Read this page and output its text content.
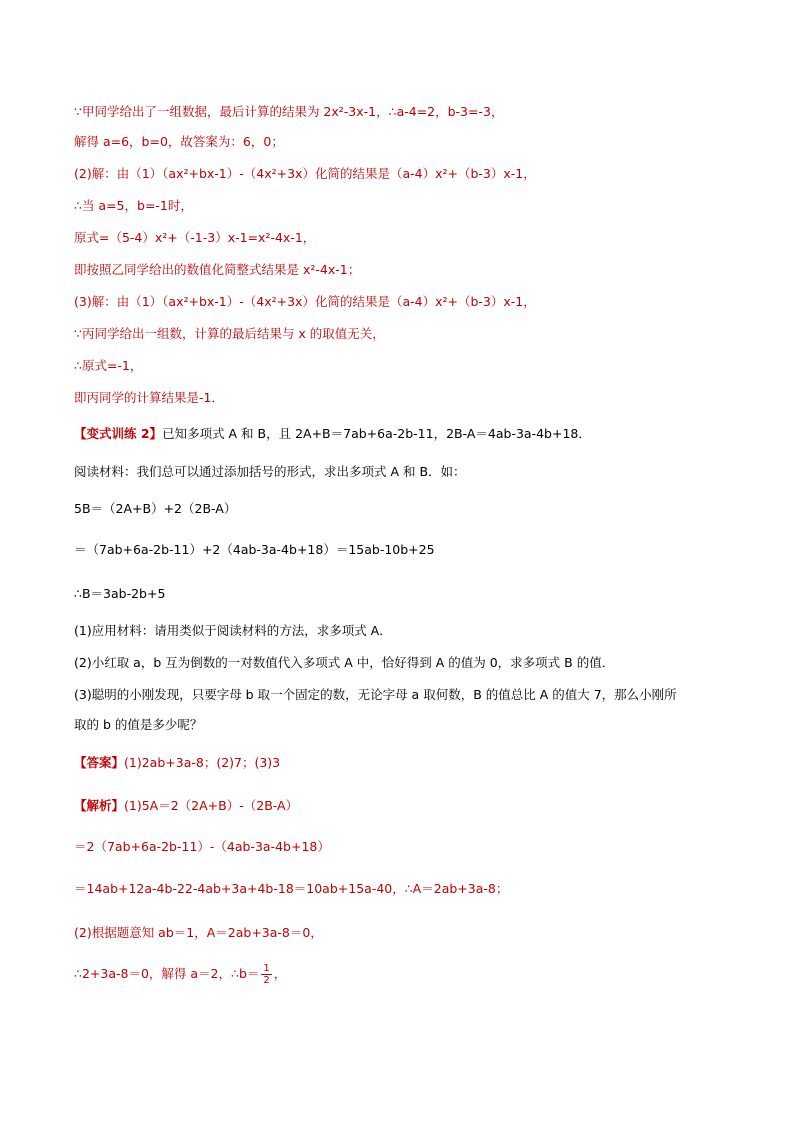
∵甲同学给出了一组数据，最后计算的结果为 2x²-3x-1，∴a-4=2，b-3=-3，
解得 a=6，b=0，故答案为：6，0；
(2)解：由（1）（ax²+bx-1）-（4x²+3x）化简的结果是（a-4）x²+（b-3）x-1，
∴当 a=5，b=-1时，
原式=（5-4）x²+（-1-3）x-1=x²-4x-1，
即按照乙同学给出的数值化简整式结果是 x²-4x-1；
(3)解：由（1）（ax²+bx-1）-（4x²+3x）化简的结果是（a-4）x²+（b-3）x-1，
∵丙同学给出一组数，计算的最后结果与 x 的取值无关，
∴原式=-1，
即丙同学的计算结果是-1．
【变式训练 2】已知多项式 A 和 B，且 2A+B＝7ab+6a-2b-11，2B-A＝4ab-3a-4b+18．
阅读材料：我们总可以通过添加括号的形式，求出多项式 A 和 B．如：
5B＝（2A+B）+2（2B-A）
＝（7ab+6a-2b-11）+2（4ab-3a-4b+18）＝15ab-10b+25
∴B＝3ab-2b+5
(1)应用材料：请用类似于阅读材料的方法，求多项式 A．
(2)小红取 a，b 互为倒数的一对数值代入多项式 A 中，恰好得到 A 的值为 0，求多项式 B 的值．
(3)聪明的小刚发现，只要字母 b 取一个固定的数，无论字母 a 取何数，B 的值总比 A 的值大 7，那么小刚所
取的 b 的值是多少呢？
【答案】(1)2ab+3a-8；(2)7；(3)3
【解析】(1)5A＝2（2A+B）-（2B-A）
＝2（7ab+6a-2b-11）-（4ab-3a-4b+18）
＝14ab+12a-4b-22-4ab+3a+4b-18＝10ab+15a-40，∴A＝2ab+3a-8；
(2)根据题意知 ab＝1，A＝2ab+3a-8＝0，
∴2+3a-8＝0，解得 a＝2，∴b＝ $\frac{1}{2}$ ，
